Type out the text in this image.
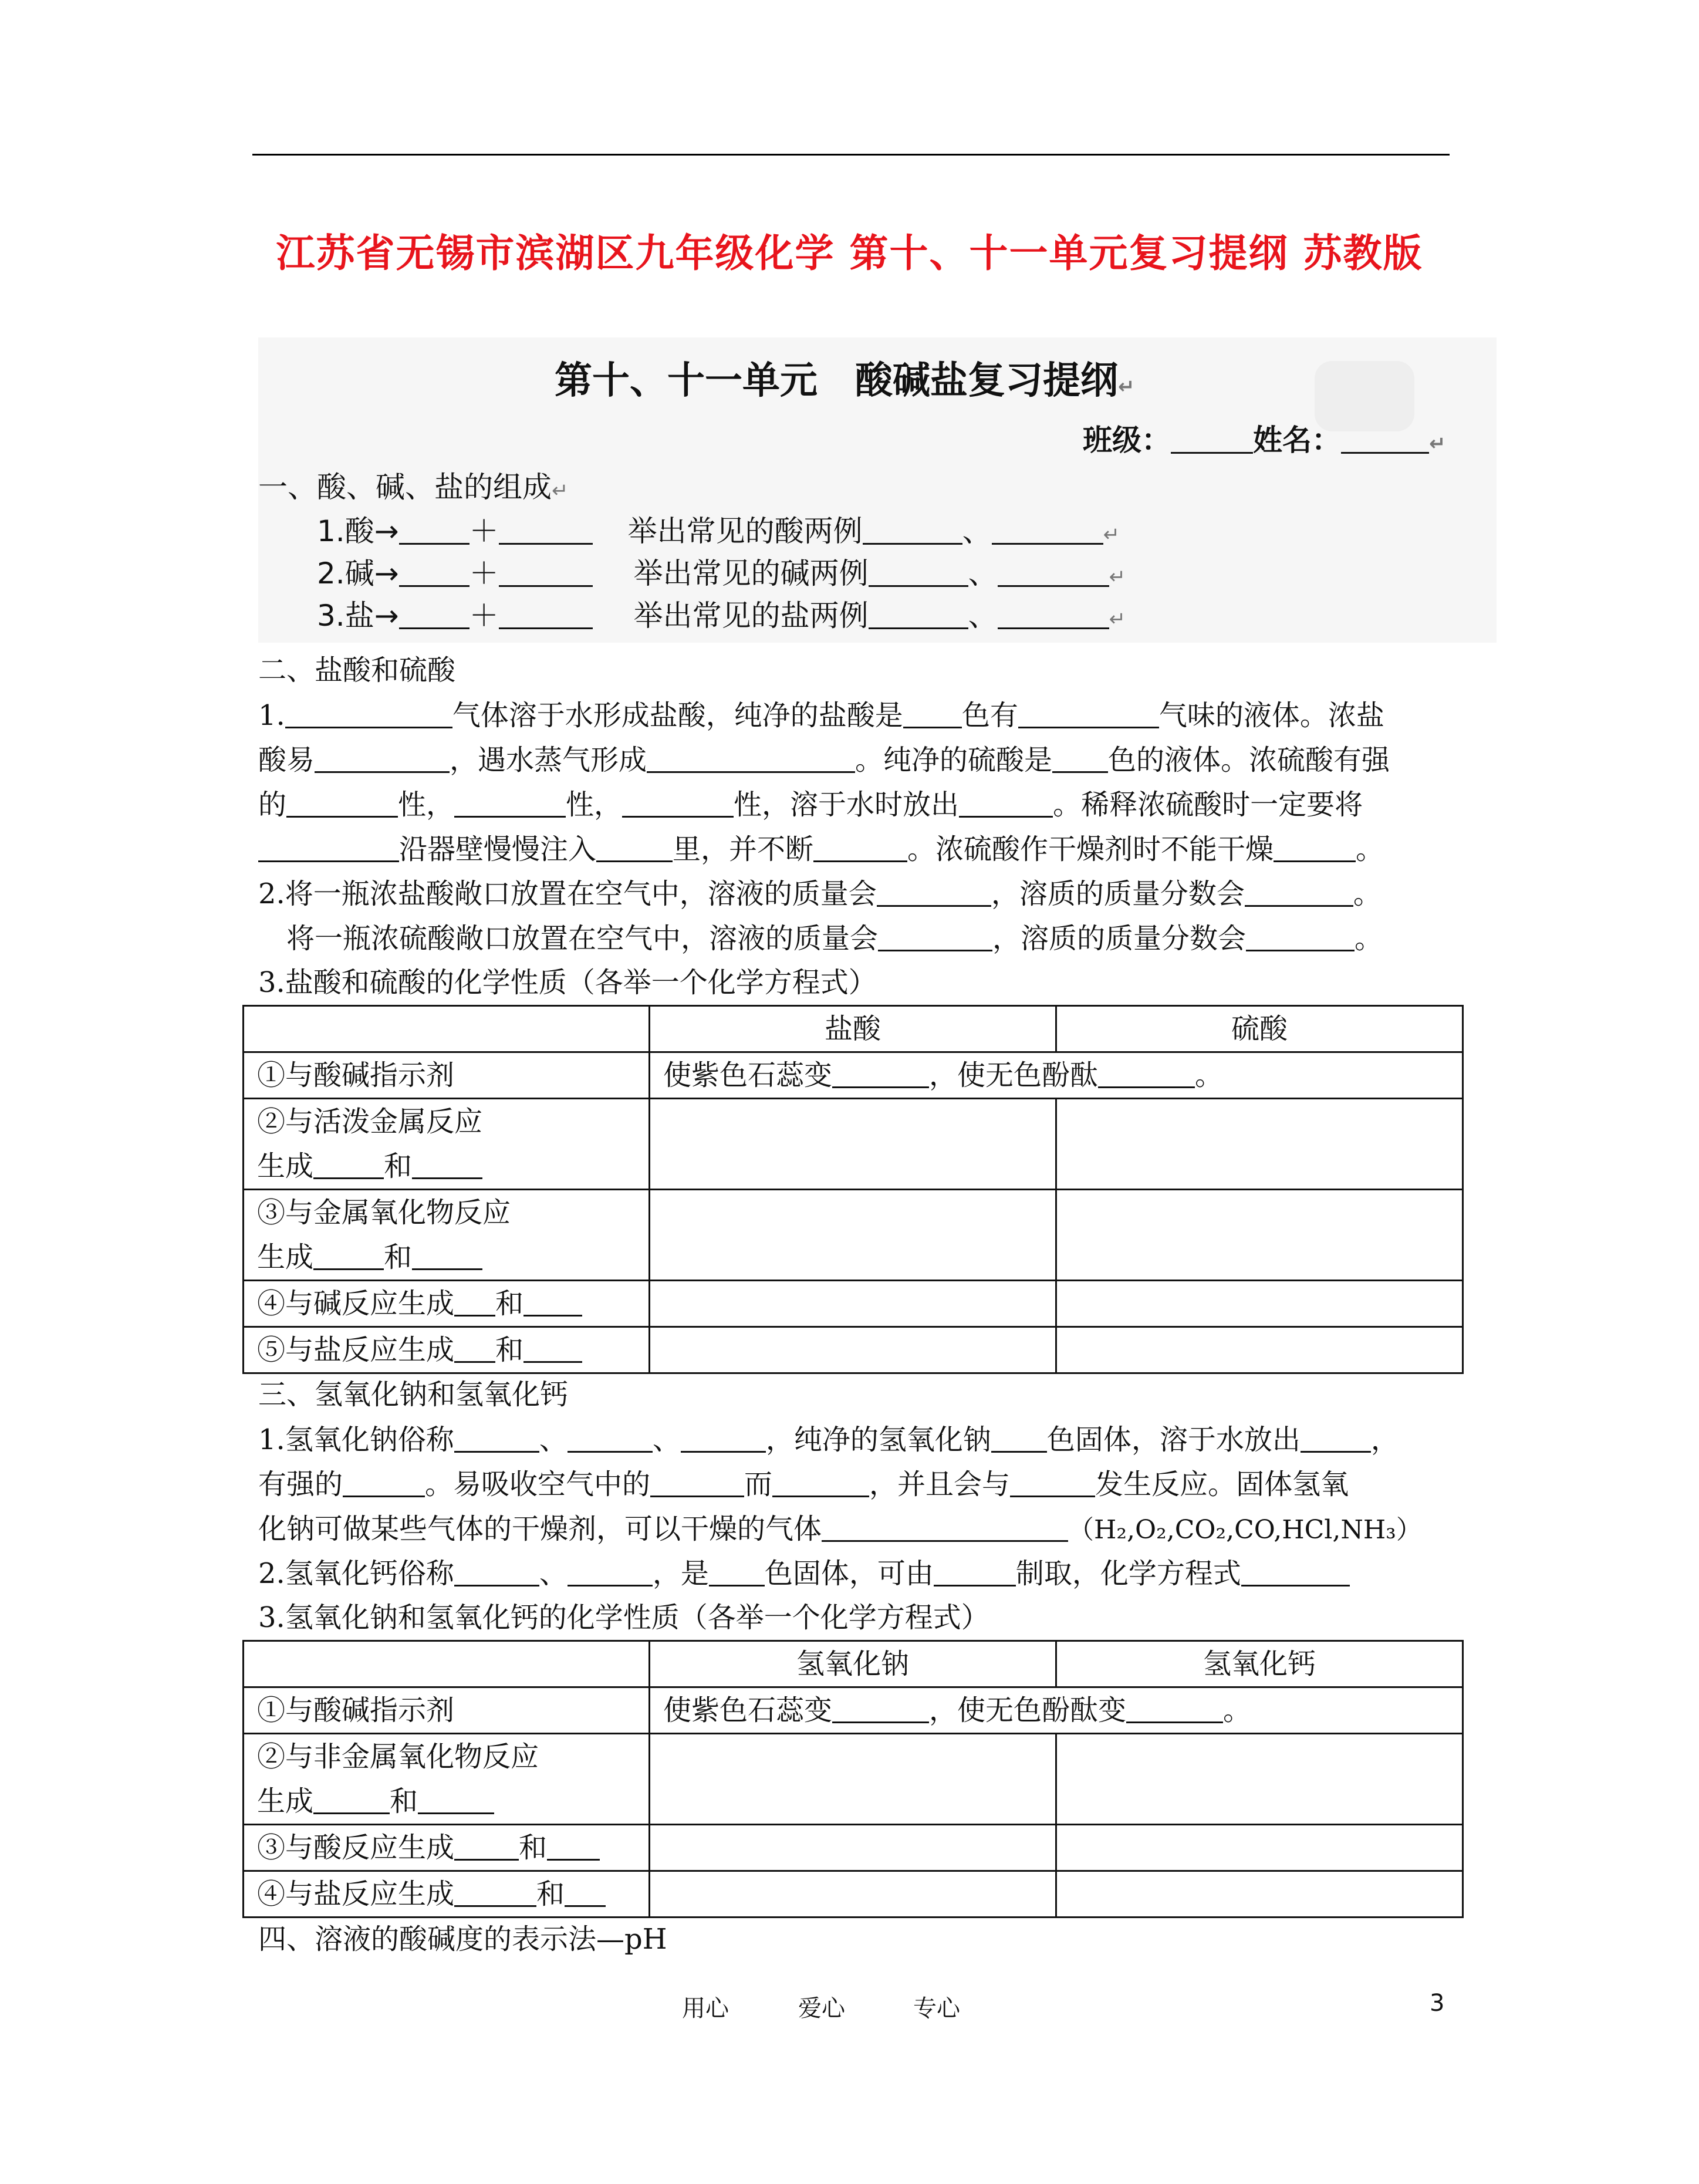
江苏省无锡市滨湖区九年级化学 第十、十一单元复习提纲 苏教版
第十、十一单元　酸碱盐复习提纲↵
班级：	姓名：	↵
一、酸、碱、盐的组成↵
1.酸→ ＋	举出常见的酸两例	、	↵
2.碱→ ＋	举出常见的碱两例	、	↵
3.盐→ ＋	举出常见的盐两例	、	↵
二、盐酸和硫酸
1.	气体溶于水形成盐酸，纯净的盐酸是 色有	气味的液体。浓盐
酸易	，遇水蒸气形成	。纯净的硫酸是 色的液体。浓硫酸有强
的	性，	性，	性，溶于水时放出	。稀释浓硫酸时一定要将
沿器壁慢慢注入	里，并不断	。浓硫酸作干燥剂时不能干燥	。
2.将一瓶浓盐酸敞口放置在空气中，溶液的质量会	，溶质的质量分数会	。
将一瓶浓硫酸敞口放置在空气中，溶液的质量会	，溶质的质量分数会	。
3.盐酸和硫酸的化学性质（各举一个化学方程式）
	盐酸	硫酸
①与酸碱指示剂	使紫色石蕊变 ，使无色酚酞 。	

②与活泼金属反应
生成 和		

③与金属氧化物反应
生成 和		

④与碱反应生成 和		
⑤与盐反应生成 和		
三、氢氧化钠和氢氧化钙
1.氢氧化钠俗称	、	、	，纯净的氢氧化钠 色固体，溶于水放出	，
有强的	。易吸收空气中的	而	，并且会与	发生反应。固体氢氧
化钠可做某些气体的干燥剂，可以干燥的气体	（H₂,O₂,CO₂,CO,HCl,NH₃）
2.氢氧化钙俗称	、	，是 色固体，可由	制取，化学方程式
3.氢氧化钠和氢氧化钙的化学性质（各举一个化学方程式）
	氢氧化钠	氢氧化钙
①与酸碱指示剂	使紫色石蕊变 ，使无色酚酞变 。	

②与非金属氧化物反应
生成 和		

③与酸反应生成 和		
④与盐反应生成 和		
四、溶液的酸碱度的表示法—pH
用心	爱心	专心	3
